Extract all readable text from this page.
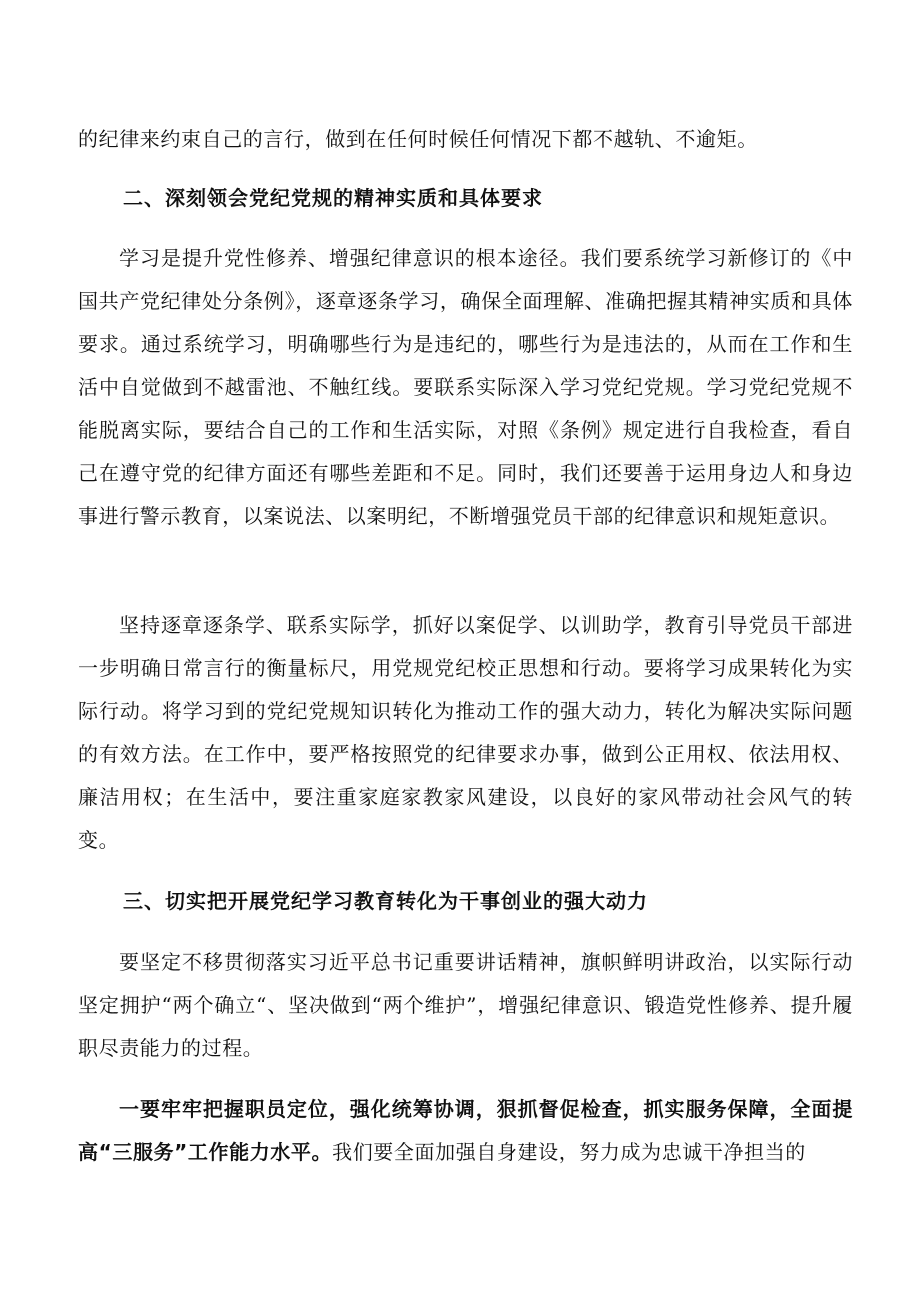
的纪律来约束自己的言行，做到在任何时候任何情况下都不越轨、不逾矩。
二、深刻领会党纪党规的精神实质和具体要求
学习是提升党性修养、增强纪律意识的根本途径。我们要系统学习新修订的《中国共产党纪律处分条例》，逐章逐条学习，确保全面理解、准确把握其精神实质和具体要求。通过系统学习，明确哪些行为是违纪的，哪些行为是违法的，从而在工作和生活中自觉做到不越雷池、不触红线。要联系实际深入学习党纪党规。学习党纪党规不能脱离实际，要结合自己的工作和生活实际，对照《条例》规定进行自我检查，看自己在遵守党的纪律方面还有哪些差距和不足。同时，我们还要善于运用身边人和身边事进行警示教育，以案说法、以案明纪，不断增强党员干部的纪律意识和规矩意识。
坚持逐章逐条学、联系实际学，抓好以案促学、以训助学，教育引导党员干部进一步明确日常言行的衡量标尺，用党规党纪校正思想和行动。要将学习成果转化为实际行动。将学习到的党纪党规知识转化为推动工作的强大动力，转化为解决实际问题的有效方法。在工作中，要严格按照党的纪律要求办事，做到公正用权、依法用权、廉洁用权；在生活中，要注重家庭家教家风建设，以良好的家风带动社会风气的转变。
三、切实把开展党纪学习教育转化为干事创业的强大动力
要坚定不移贯彻落实习近平总书记重要讲话精神，旗帜鲜明讲政治，以实际行动坚定拥护“两个确立“、坚决做到“两个维护”，增强纪律意识、锻造党性修养、提升履职尽责能力的过程。
一要牢牢把握职员定位，强化统筹协调，狠抓督促检查，抓实服务保障，全面提高“三服务”工作能力水平。我们要全面加强自身建设，努力成为忠诚干净担当的
